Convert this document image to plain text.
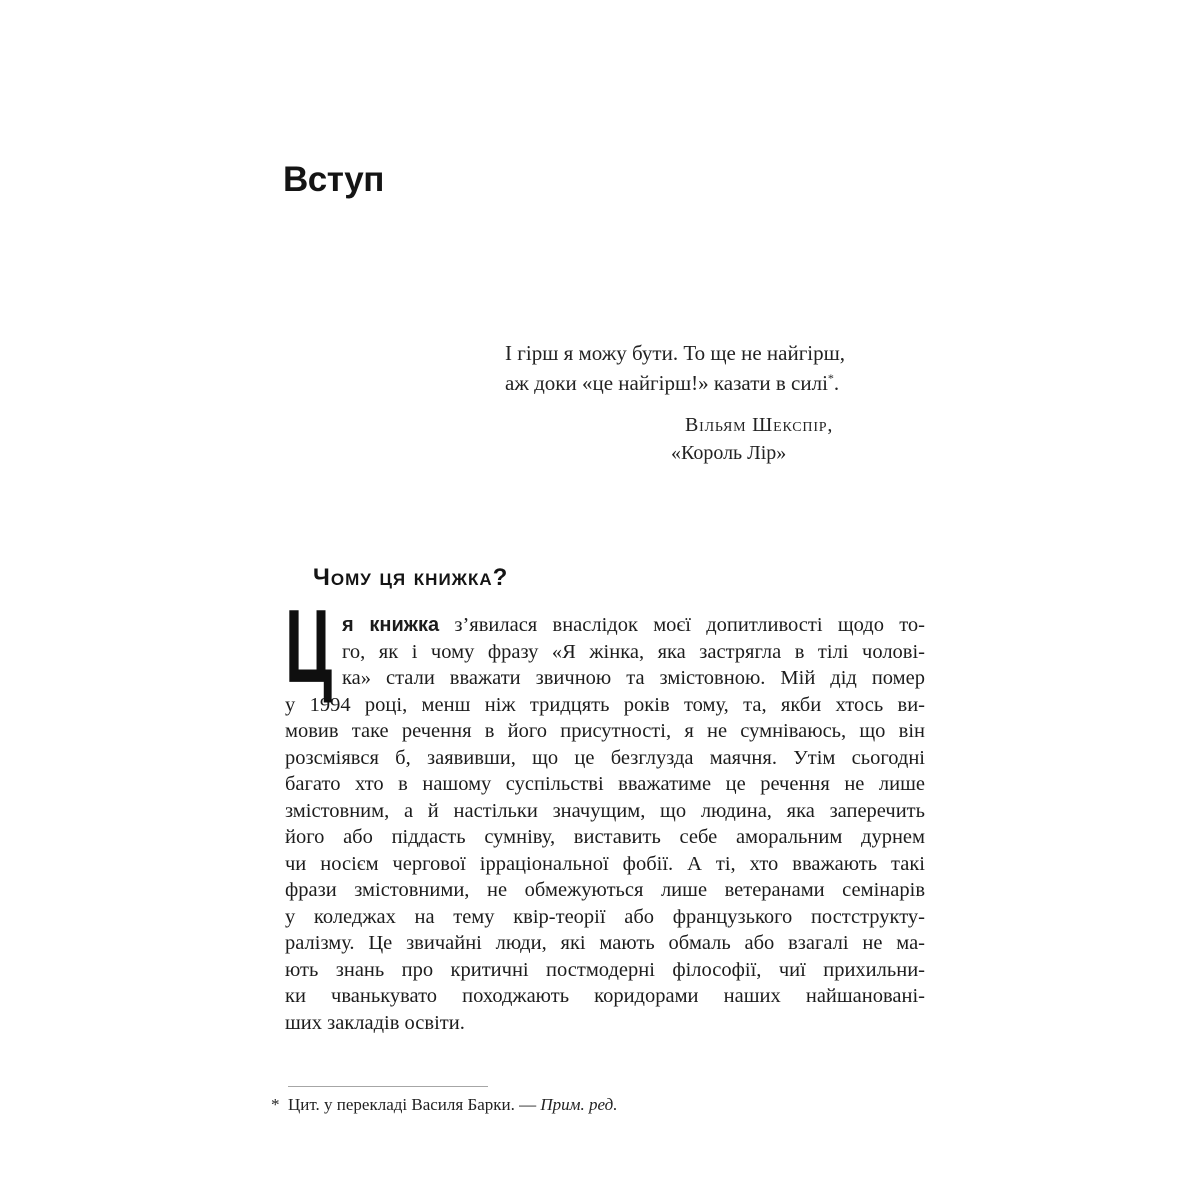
Вступ
І гірш я можу бути. То ще не найгірш,
аж доки «це найгірш!» казати в силі*.
Вільям Шекспір,
«Король Лір»
Чому ця книжка?
Ц я книжка з’явилася внаслідок моєї допитливості щодо то-
го, як і чому фразу «Я жінка, яка застрягла в тілі чолові-
ка» стали вважати звичною та змістовною. Мій дід помер
у 1994 році, менш ніж тридцять років тому, та, якби хтось ви-
мовив таке речення в його присутності, я не сумніваюсь, що він
розсміявся б, заявивши, що це безглузда маячня. Утім сьогодні
багато хто в нашому суспільстві вважатиме це речення не лише
змістовним, а й настільки значущим, що людина, яка заперечить
його або піддасть сумніву, виставить себе аморальним дурнем
чи носієм чергової ірраціональної фобії. А ті, хто вважають такі
фрази змістовними, не обмежуються лише ветеранами семінарів
у коледжах на тему квір-теорії або французького постструкту-
ралізму. Це звичайні люди, які мають обмаль або взагалі не ма-
ють знань про критичні постмодерні філософії, чиї прихильни-
ки чванькувато походжають коридорами наших найшановані-
ших закладів освіти.
* Цит. у перекладі Василя Барки. — Прим. ред.
